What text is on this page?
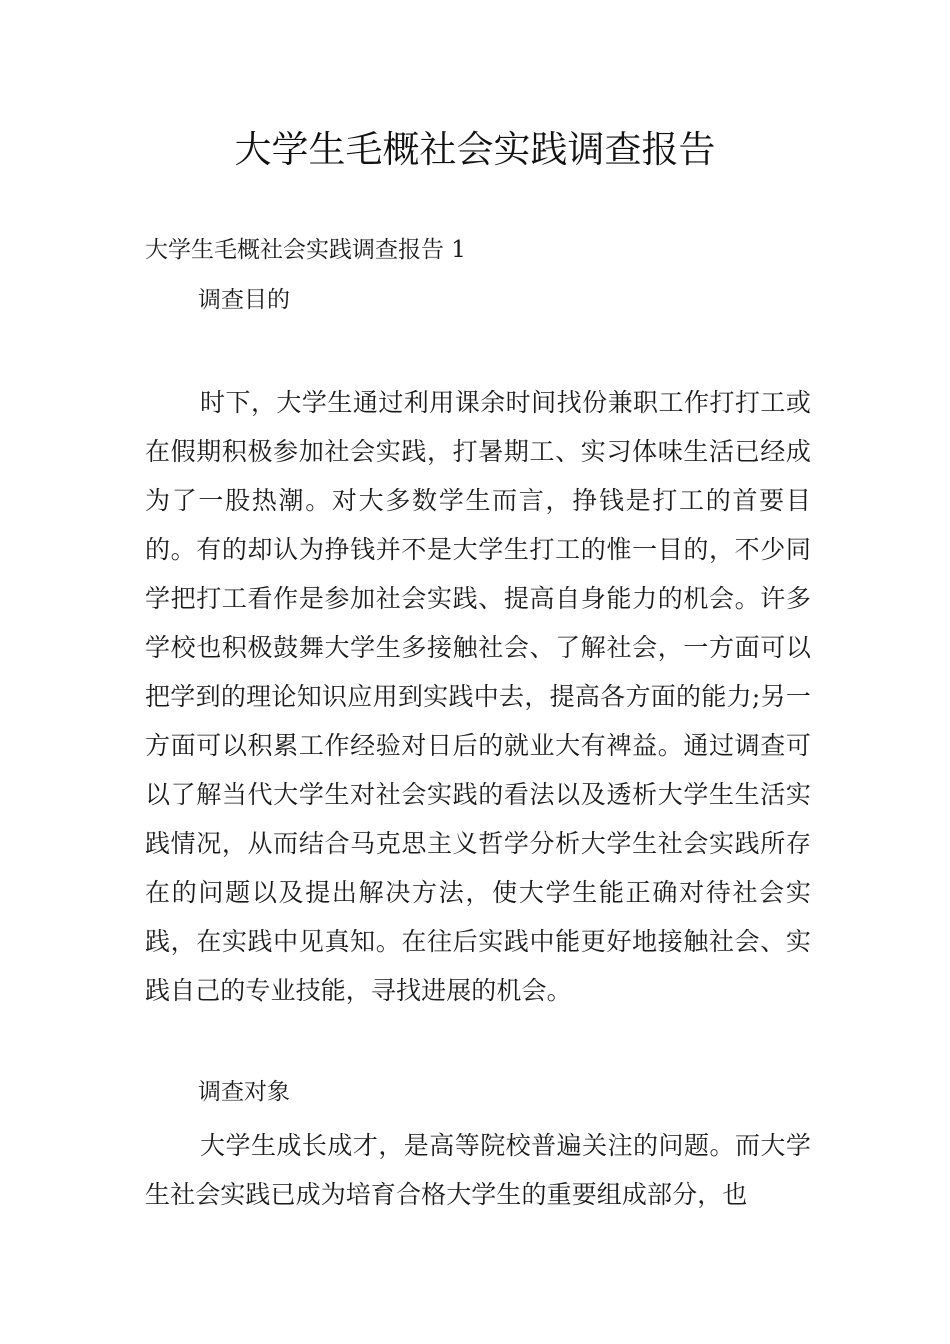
大学生毛概社会实践调查报告

大学生毛概社会实践调查报告 1

调查目的

时下，大学生通过利用课余时间找份兼职工作打打工或在假期积极参加社会实践，打暑期工、实习体味生活已经成为了一股热潮。对大多数学生而言，挣钱是打工的首要目的。有的却认为挣钱并不是大学生打工的惟一目的，不少同学把打工看作是参加社会实践、提高自身能力的机会。许多学校也积极鼓舞大学生多接触社会、了解社会，一方面可以把学到的理论知识应用到实践中去，提高各方面的能力;另一方面可以积累工作经验对日后的就业大有裨益。通过调查可以了解当代大学生对社会实践的看法以及透析大学生生活实践情况，从而结合马克思主义哲学分析大学生社会实践所存在的问题以及提出解决方法，使大学生能正确对待社会实践，在实践中见真知。在往后实践中能更好地接触社会、实践自己的专业技能，寻找进展的机会。

调查对象

大学生成长成才，是高等院校普遍关注的问题。而大学生社会实践已成为培育合格大学生的重要组成部分，也
